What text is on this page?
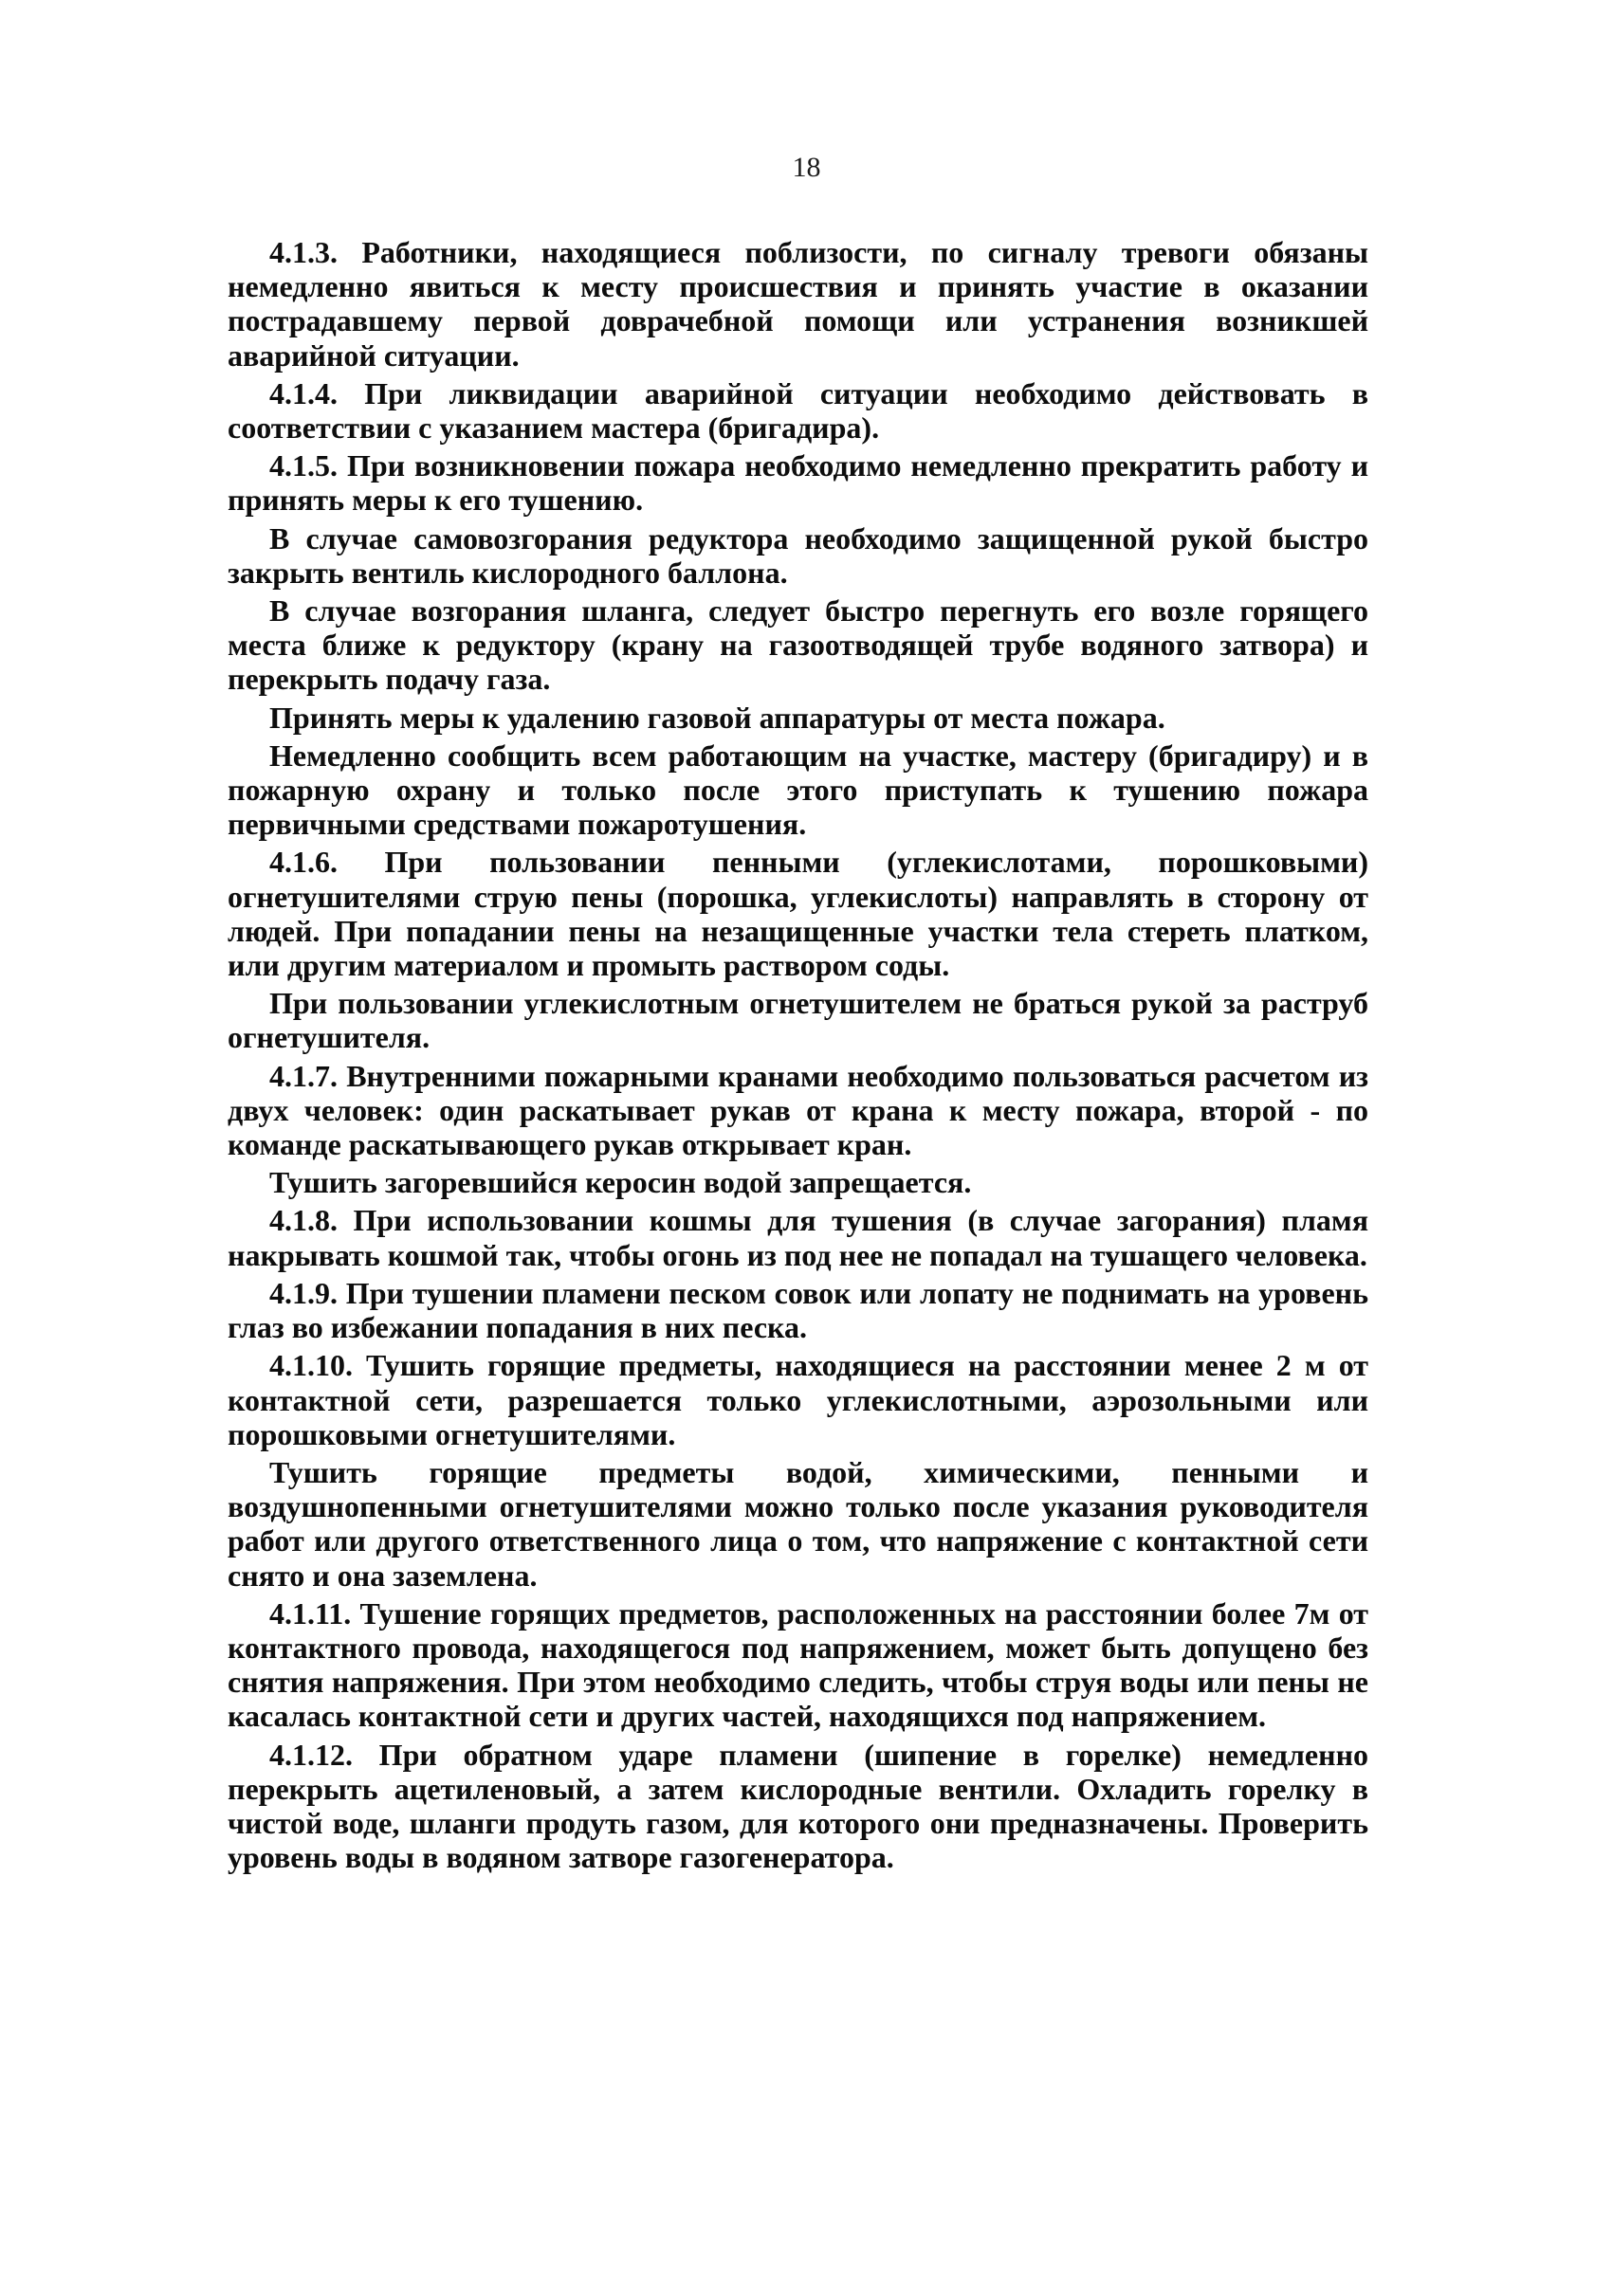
18

4.1.3. Работники, находящиеся поблизости, по сигналу тревоги обязаны немедленно явиться к месту происшествия и принять участие в оказании пострадавшему первой доврачебной помощи или устранения возникшей аварийной ситуации.

4.1.4. При ликвидации аварийной ситуации необходимо действовать в соответствии с указанием мастера (бригадира).

4.1.5. При возникновении пожара необходимо немедленно прекратить работу и принять меры к его тушению.

В случае самовозгорания редуктора необходимо защищенной рукой быстро закрыть вентиль кислородного баллона.

В случае возгорания шланга, следует быстро перегнуть его возле горящего места ближе к редуктору (крану на газоотводящей трубе водяного затвора) и перекрыть подачу газа.

Принять меры к удалению газовой аппаратуры от места пожара.

Немедленно сообщить всем работающим на участке, мастеру (бригадиру) и в пожарную охрану и только после этого приступать к тушению пожара первичными средствами пожаротушения.

4.1.6. При пользовании пенными (углекислотами, порошковыми) огнетушителями струю пены (порошка, углекислоты) направлять в сторону от людей. При попадании пены на незащищенные участки тела стереть платком, или другим материалом и промыть раствором соды.

При пользовании углекислотным огнетушителем не браться рукой за раструб огнетушителя.

4.1.7. Внутренними пожарными кранами необходимо пользоваться расчетом из двух человек: один раскатывает рукав от крана к месту пожара, второй - по команде раскатывающего рукав открывает кран.

Тушить загоревшийся керосин водой запрещается.

4.1.8. При использовании кошмы для тушения (в случае загорания) пламя накрывать кошмой так, чтобы огонь из под нее не попадал на тушащего человека.

4.1.9. При тушении пламени песком совок или лопату не поднимать на уровень глаз во избежании попадания в них песка.

4.1.10. Тушить горящие предметы, находящиеся на расстоянии менее 2 м от контактной сети, разрешается только углекислотными, аэрозольными или порошковыми огнетушителями.

Тушить горящие предметы водой, химическими, пенными и воздушнопенными огнетушителями можно только после указания руководителя работ или другого ответственного лица о том, что напряжение с контактной сети снято и она заземлена.

4.1.11. Тушение горящих предметов, расположенных на расстоянии более 7м от контактного провода, находящегося под напряжением, может быть допущено без снятия напряжения. При этом необходимо следить, чтобы струя воды или пены не касалась контактной сети и других частей, находящихся под напряжением.

4.1.12. При обратном ударе пламени (шипение в горелке) немедленно перекрыть ацетиленовый, а затем кислородные вентили. Охладить горелку в чистой воде, шланги продуть газом, для которого они предназначены. Проверить уровень воды в водяном затворе газогенератора.
